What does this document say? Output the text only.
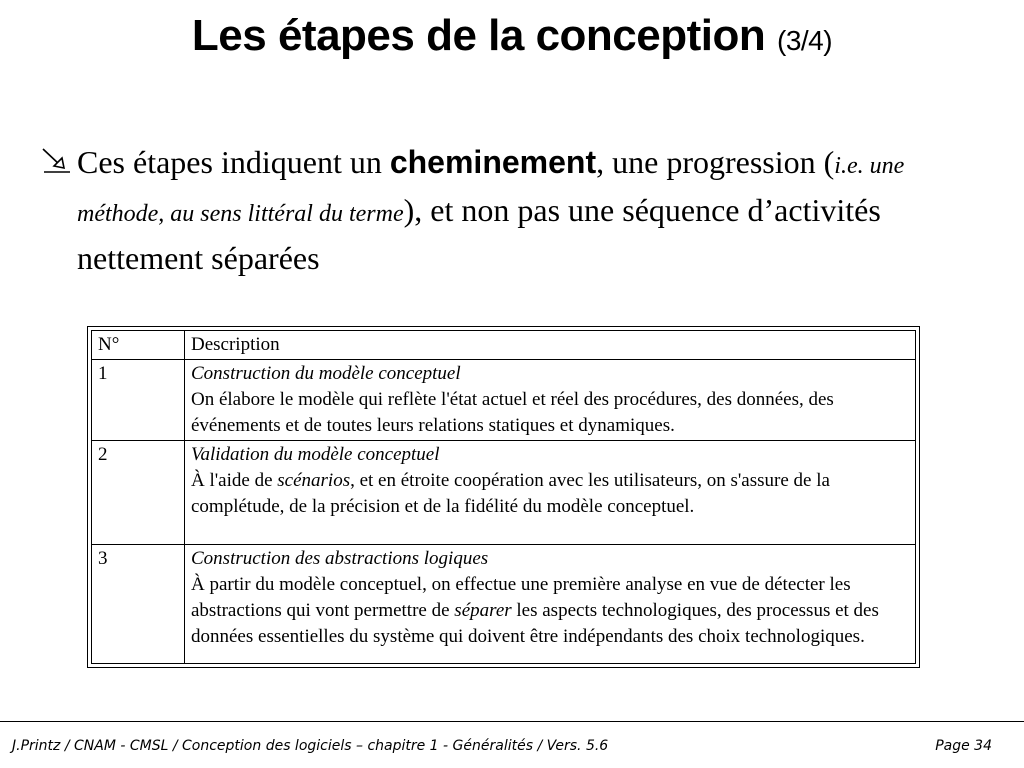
Les étapes de la conception (3/4)
Ces étapes indiquent un cheminement, une progression (i.e. une méthode, au sens littéral du terme), et non pas une séquence d’activités nettement séparées
N°	Description
1	Construction du modèle conceptuel
On élabore le modèle qui reflète l'état actuel et réel des procédures, des données, des événements et de toutes leurs relations statiques et dynamiques.
2	Validation du modèle conceptuel
À l'aide de scénarios, et en étroite coopération avec les utilisateurs, on s'assure de la complétude, de la précision et de la fidélité du modèle conceptuel.
3	Construction des abstractions logiques
À partir du modèle conceptuel, on effectue une première analyse en vue de détecter les abstractions qui vont permettre de séparer les aspects technologiques, des processus et des données essentielles du système qui doivent être indépendants des choix technologiques.
J.Printz / CNAM - CMSL / Conception des logiciels – chapitre 1 - Généralités / Vers. 5.6	Page 34
